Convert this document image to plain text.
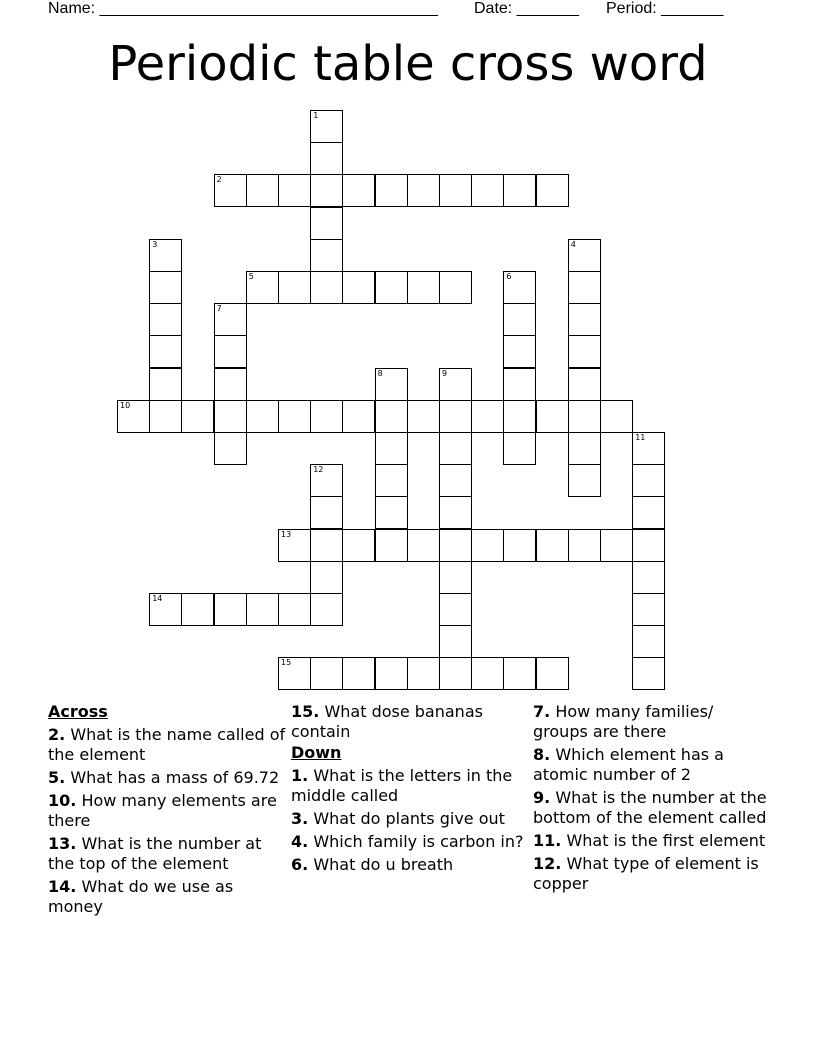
Name: ______________________________________ Date: _______ Period: _______
Periodic table cross word
1
2
3	4
5	6
7
8	9
10
11
12
13
14
15
Across
2. What is the name called of the element
5. What has a mass of 69.72
10. How many elements are there
13. What is the number at the top of the element
14. What do we use as money
15. What dose bananas contain
Down
1. What is the letters in the middle called
3. What do plants give out
4. Which family is carbon in?
6. What do u breath
7. How many families/ groups are there
8. Which element has a atomic number of 2
9. What is the number at the bottom of the element called
11. What is the first element
12. What type of element is copper
